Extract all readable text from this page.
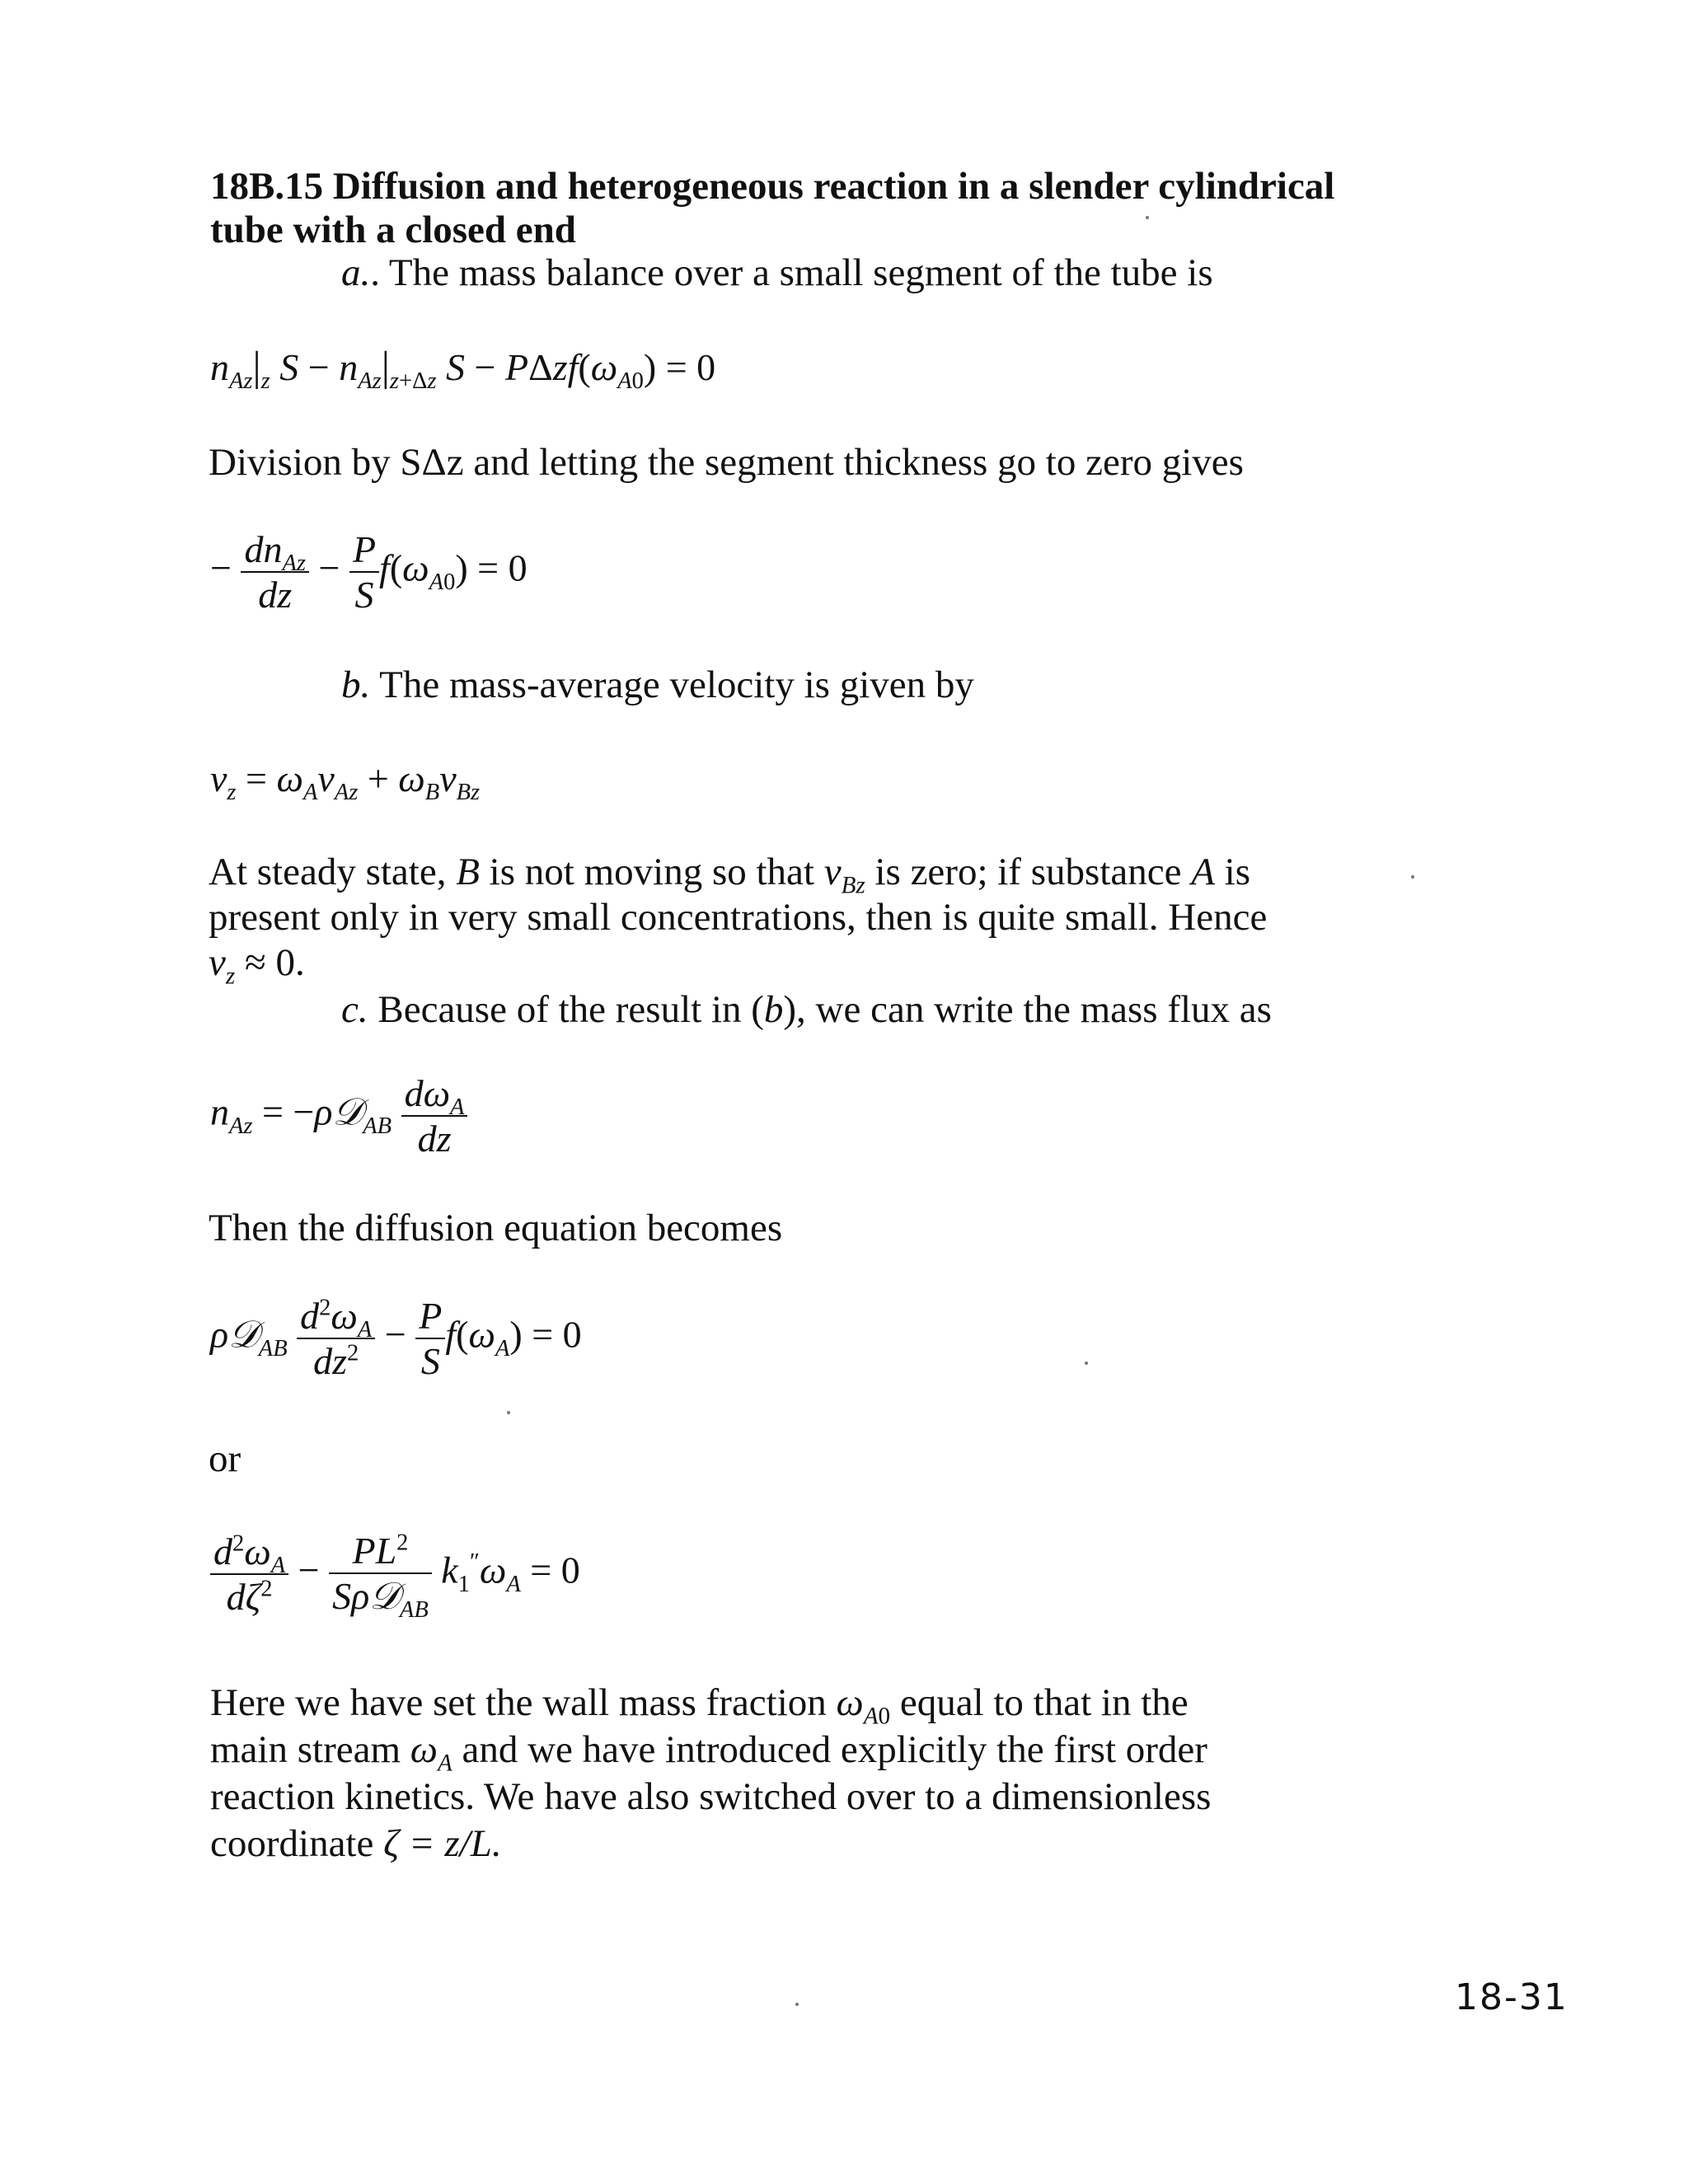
18B.15 Diffusion and heterogeneous reaction in a slender cylindrical
tube with a closed end
a.. The mass balance over a small segment of the tube is
$n_{Az}|_z$ $S - n_{Az}|_{z+\Delta z}$ $S - P\Delta zf(\omega_{A0}) = 0$
Division by SΔz and letting the segment thickness go to zero gives
− $\frac{dn_{Az}}{dz} - \frac{P}{S} f(\omega_{A0}) = 0$
b. The mass-average velocity is given by
$v_z = \omega_Av_{Az} + \omega_Bv_{Bz}$
At steady state, B is not moving so that $v_{Bz}$ is zero; if substance A is
present only in very small concentrations, then is quite small. Hence
$v_z \approx 0$.
c. Because of the result in (b), we can write the mass flux as
$n_{Az}$ = −ρ𝒟$_{AB}$ $\frac{d\omega_A}{dz}$
Then the diffusion equation becomes
ρ𝒟$_{AB}$ $\frac{d^2\omega_A}{dz^2} - \frac{P}{S} f(\omega_A) = 0$
or
$\frac{d^2\omega_A}{d\zeta^2} - \frac{PL^2}{S\rho 𝒟_{AB}} k_1''\omega_A = 0$
Here we have set the wall mass fraction $\omega_{A0}$ equal to that in the
main stream $\omega_A$ and we have introduced explicitly the first order
reaction kinetics. We have also switched over to a dimensionless
coordinate ζ = z/L.
18-31
